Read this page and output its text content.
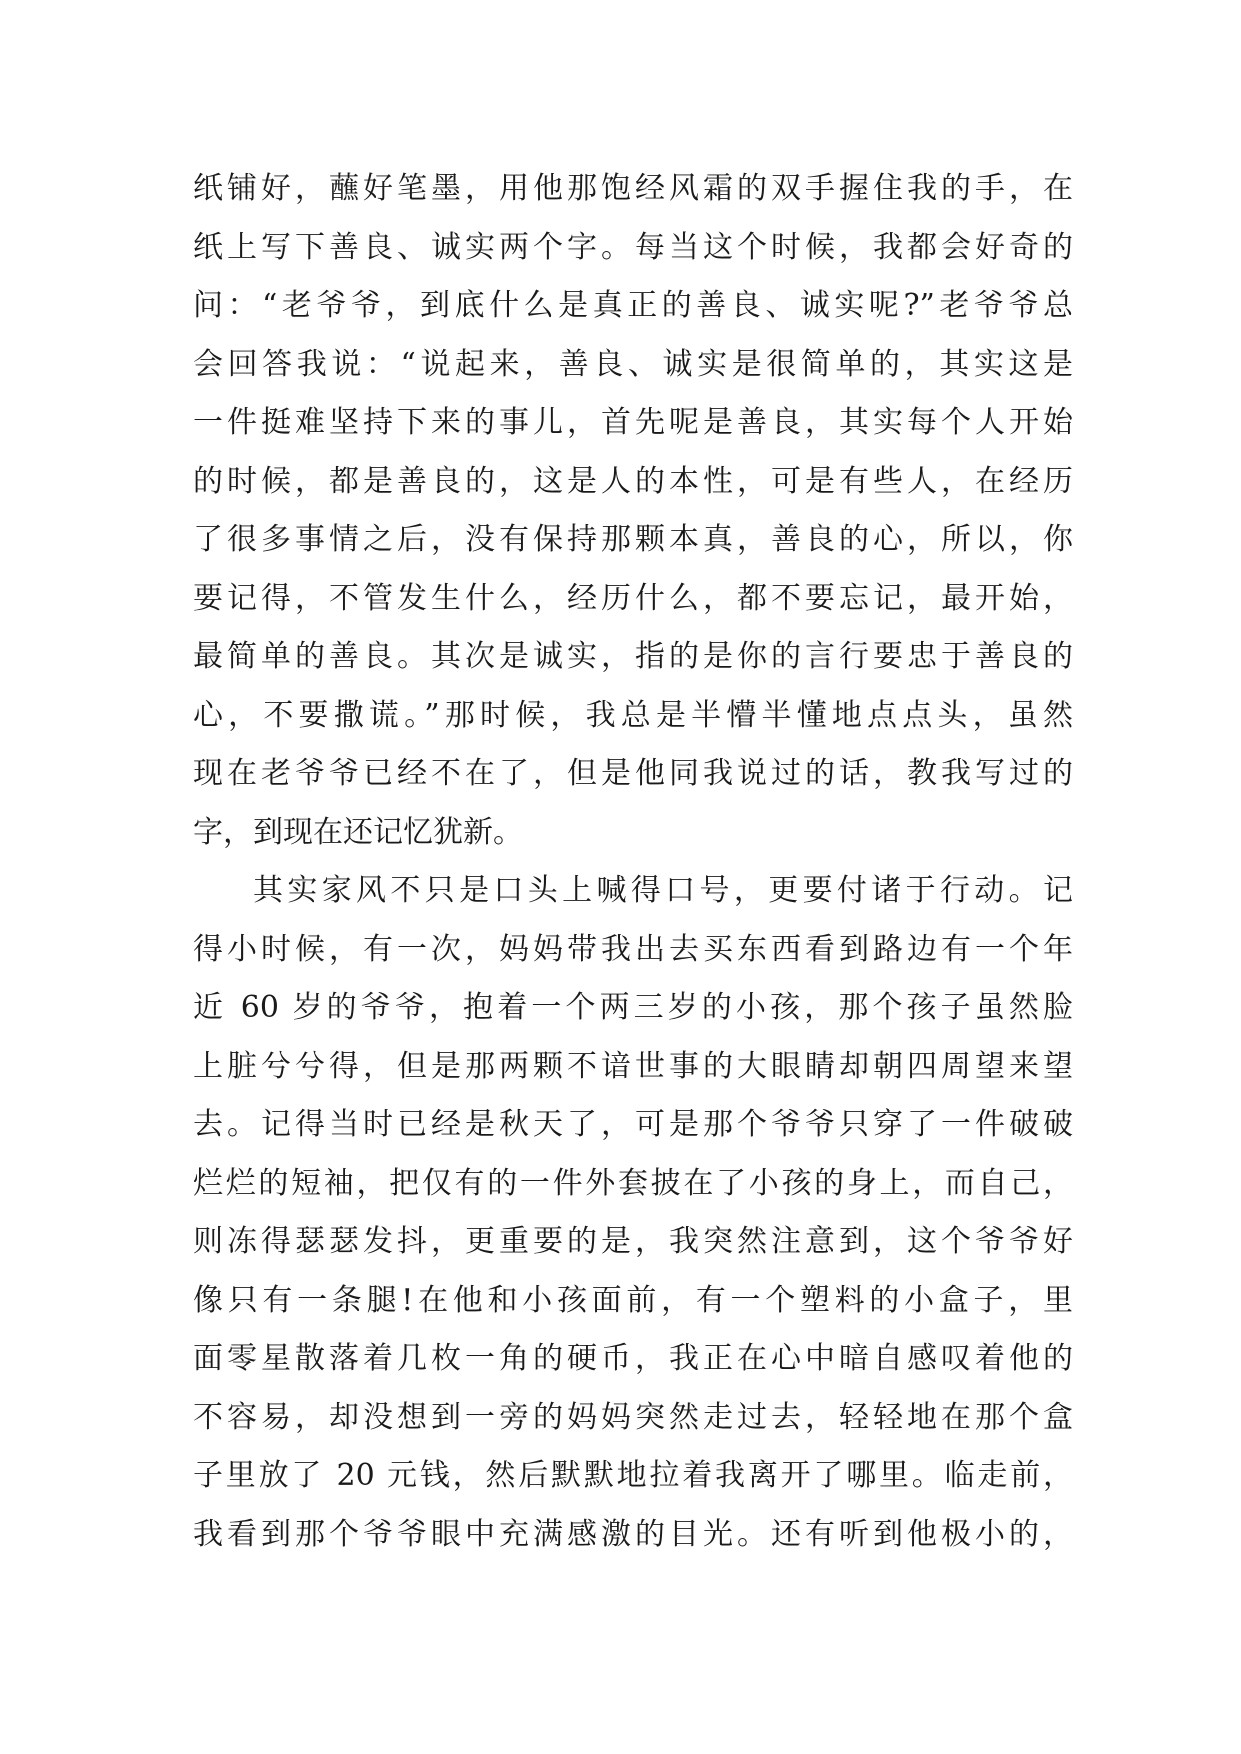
纸铺好，蘸好笔墨，用他那饱经风霜的双手握住我的手，在
纸上写下善良、诚实两个字。每当这个时候，我都会好奇的
问：“老爷爷，到底什么是真正的善良、诚实呢?”老爷爷总
会回答我说：“说起来，善良、诚实是很简单的，其实这是
一件挺难坚持下来的事儿，首先呢是善良，其实每个人开始
的时候，都是善良的，这是人的本性，可是有些人，在经历
了很多事情之后，没有保持那颗本真，善良的心，所以，你
要记得，不管发生什么，经历什么，都不要忘记，最开始，
最简单的善良。其次是诚实，指的是你的言行要忠于善良的
心，不要撒谎。”那时候，我总是半懵半懂地点点头，虽然
现在老爷爷已经不在了，但是他同我说过的话，教我写过的
字，到现在还记忆犹新。
其实家风不只是口头上喊得口号，更要付诸于行动。记
得小时候，有一次，妈妈带我出去买东西看到路边有一个年
近 60 岁的爷爷，抱着一个两三岁的小孩，那个孩子虽然脸
上脏兮兮得，但是那两颗不谙世事的大眼睛却朝四周望来望
去。记得当时已经是秋天了，可是那个爷爷只穿了一件破破
烂烂的短袖，把仅有的一件外套披在了小孩的身上，而自己，
则冻得瑟瑟发抖，更重要的是，我突然注意到，这个爷爷好
像只有一条腿!在他和小孩面前，有一个塑料的小盒子，里
面零星散落着几枚一角的硬币，我正在心中暗自感叹着他的
不容易，却没想到一旁的妈妈突然走过去，轻轻地在那个盒
子里放了 20 元钱，然后默默地拉着我离开了哪里。临走前，
我看到那个爷爷眼中充满感激的目光。还有听到他极小的，
